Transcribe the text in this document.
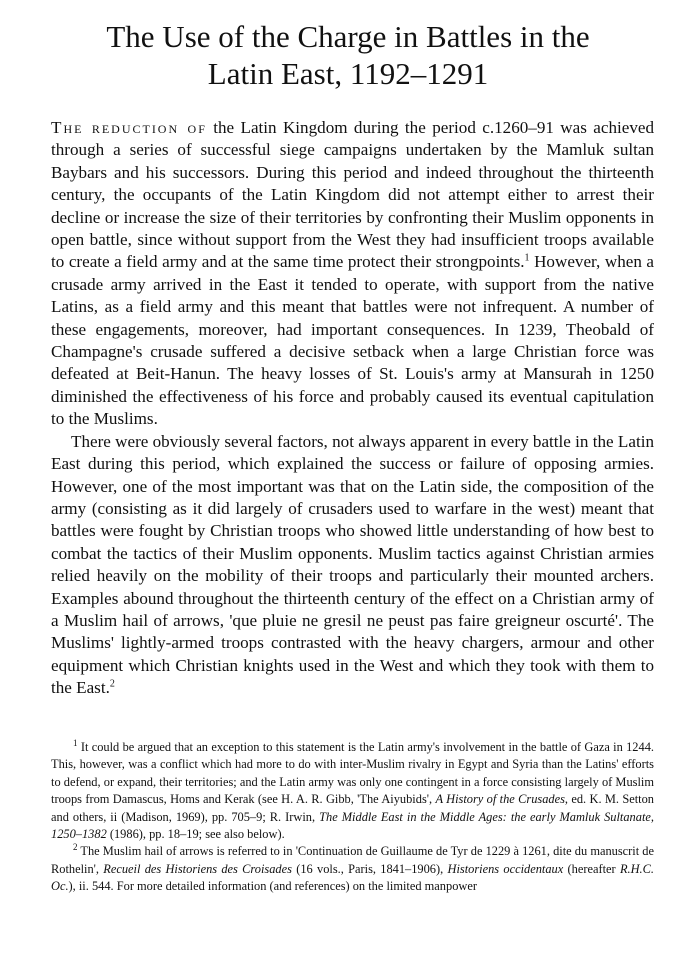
The Use of the Charge in Battles in the
Latin East, 1192–1291

The reduction of the Latin Kingdom during the period c.1260–91 was achieved through a series of successful siege campaigns undertaken by the Mamluk sultan Baybars and his successors. During this period and indeed throughout the thirteenth century, the occupants of the Latin Kingdom did not attempt either to arrest their decline or increase the size of their territories by confronting their Muslim opponents in open battle, since without support from the West they had insufficient troops available to create a field army and at the same time protect their strongpoints.$^1$ However, when a crusade army arrived in the East it tended to operate, with support from the native Latins, as a field army and this meant that battles were not infrequent. A number of these engagements, moreover, had important consequences. In 1239, Theobald of Champagne's crusade suffered a decisive setback when a large Christian force was defeated at Beit-Hanun. The heavy losses of St. Louis's army at Mansurah in 1250 diminished the effectiveness of his force and probably caused its eventual capitulation to the Muslims.

There were obviously several factors, not always apparent in every battle in the Latin East during this period, which explained the success or failure of opposing armies. However, one of the most important was that on the Latin side, the composition of the army (consisting as it did largely of crusaders used to warfare in the west) meant that battles were fought by Christian troops who showed little understanding of how best to combat the tactics of their Muslim opponents. Muslim tactics against Christian armies relied heavily on the mobility of their troops and particularly their mounted archers. Examples abound throughout the thirteenth century of the effect on a Christian army of a Muslim hail of arrows, 'que pluie ne gresil ne peust pas faire greigneur oscurté'. The Muslims' lightly-armed troops contrasted with the heavy chargers, armour and other equipment which Christian knights used in the West and which they took with them to the East.$^2$

$^1$ It could be argued that an exception to this statement is the Latin army's involvement in the battle of Gaza in 1244. This, however, was a conflict which had more to do with inter-Muslim rivalry in Egypt and Syria than the Latins' efforts to defend, or expand, their territories; and the Latin army was only one contingent in a force consisting largely of Muslim troops from Damascus, Homs and Kerak (see H. A. R. Gibb, 'The Aiyubids', A History of the Crusades, ed. K. M. Setton and others, ii (Madison, 1969), pp. 705–9; R. Irwin, The Middle East in the Middle Ages: the early Mamluk Sultanate, 1250–1382 (1986), pp. 18–19; see also below).

$^2$ The Muslim hail of arrows is referred to in 'Continuation de Guillaume de Tyr de 1229 à 1261, dite du manuscrit de Rothelin', Recueil des Historiens des Croisades (16 vols., Paris, 1841–1906), Historiens occidentaux (hereafter R.H.C. Oc.), ii. 544. For more detailed information (and references) on the limited manpower
